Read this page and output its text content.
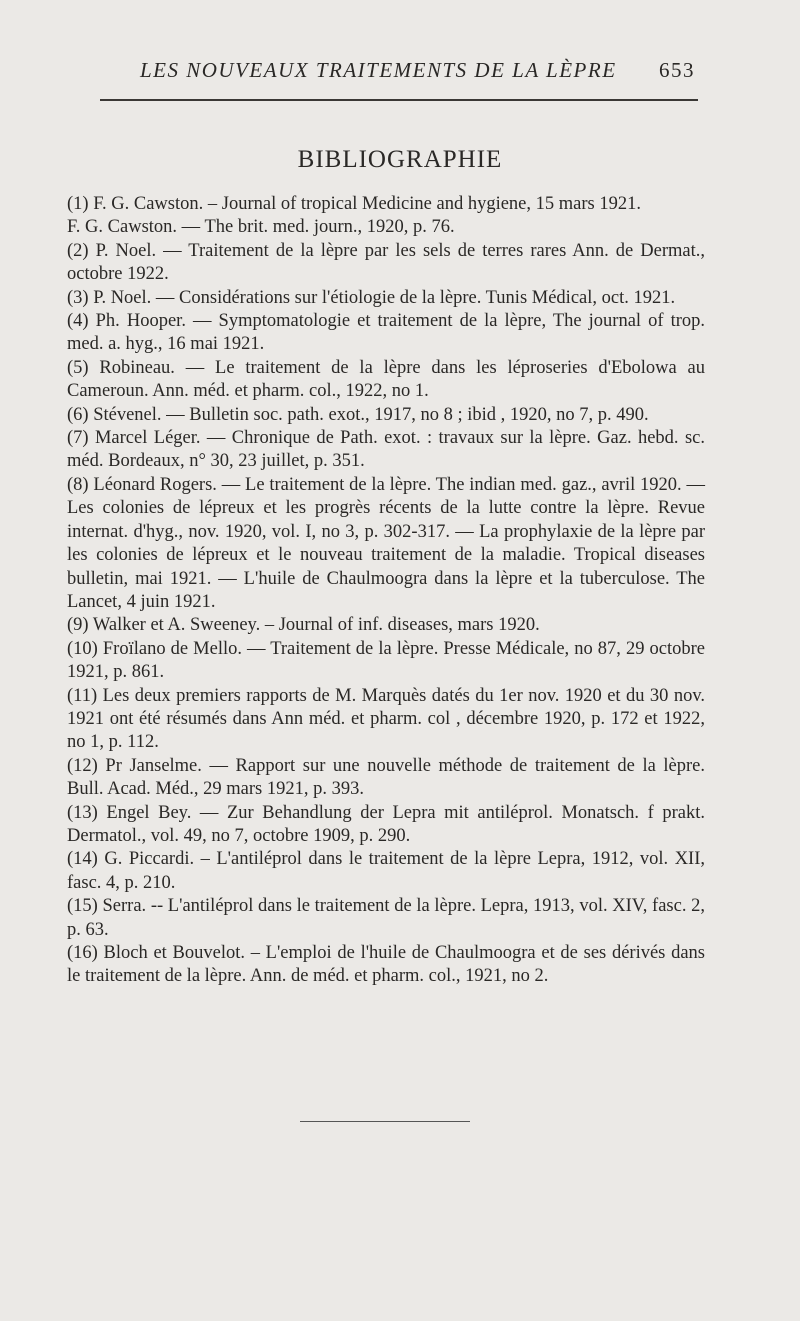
LES NOUVEAUX TRAITEMENTS DE LA LÈPRE 653
BIBLIOGRAPHIE

(1) F. G. Cawston. – Journal of tropical Medicine and hygiene, 15 mars 1921.

F. G. Cawston. — The brit. med. journ., 1920, p. 76.

(2) P. Noel. — Traitement de la lèpre par les sels de terres rares Ann. de Dermat., octobre 1922.

(3) P. Noel. — Considérations sur l'étiologie de la lèpre. Tunis Médical, oct. 1921.

(4) Ph. Hooper. — Symptomatologie et traitement de la lèpre, The journal of trop. med. a. hyg., 16 mai 1921.

(5) Robineau. — Le traitement de la lèpre dans les léproseries d'Ebolowa au Cameroun. Ann. méd. et pharm. col., 1922, no 1.

(6) Stévenel. — Bulletin soc. path. exot., 1917, no 8 ; ibid , 1920, no 7, p. 490.

(7) Marcel Léger. — Chronique de Path. exot. : travaux sur la lèpre. Gaz. hebd. sc. méd. Bordeaux, n° 30, 23 juillet, p. 351.

(8) Léonard Rogers. — Le traitement de la lèpre. The indian med. gaz., avril 1920. — Les colonies de lépreux et les progrès récents de la lutte contre la lèpre. Revue internat. d'hyg., nov. 1920, vol. I, no 3, p. 302-317. — La prophylaxie de la lèpre par les colonies de lépreux et le nouveau traitement de la maladie. Tropical diseases bulletin, mai 1921. — L'huile de Chaulmoogra dans la lèpre et la tuberculose. The Lancet, 4 juin 1921.

(9) Walker et A. Sweeney. – Journal of inf. diseases, mars 1920.

(10) Froïlano de Mello. — Traitement de la lèpre. Presse Médicale, no 87, 29 octobre 1921, p. 861.

(11) Les deux premiers rapports de M. Marquès datés du 1er nov. 1920 et du 30 nov. 1921 ont été résumés dans Ann méd. et pharm. col , décembre 1920, p. 172 et 1922, no 1, p. 112.

(12) Pr Janselme. — Rapport sur une nouvelle méthode de traitement de la lèpre. Bull. Acad. Méd., 29 mars 1921, p. 393.

(13) Engel Bey. — Zur Behandlung der Lepra mit antiléprol. Monatsch. f prakt. Dermatol., vol. 49, no 7, octobre 1909, p. 290.

(14) G. Piccardi. – L'antiléprol dans le traitement de la lèpre Lepra, 1912, vol. XII, fasc. 4, p. 210.

(15) Serra. -- L'antiléprol dans le traitement de la lèpre. Lepra, 1913, vol. XIV, fasc. 2, p. 63.

(16) Bloch et Bouvelot. – L'emploi de l'huile de Chaulmoogra et de ses dérivés dans le traitement de la lèpre. Ann. de méd. et pharm. col., 1921, no 2.
